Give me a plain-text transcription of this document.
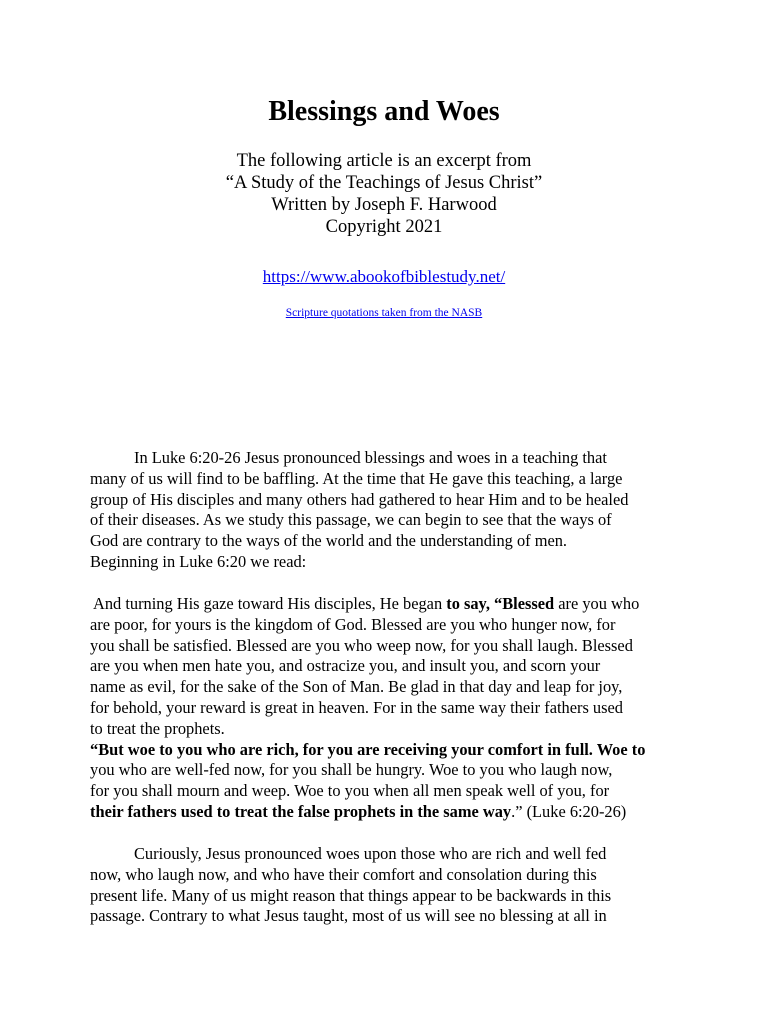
Blessings and Woes
The following article is an excerpt from
“A Study of the Teachings of Jesus Christ”
Written by Joseph F. Harwood
Copyright 2021
https://www.abookofbiblestudy.net/
Scripture quotations taken from the NASB
In Luke 6:20-26 Jesus pronounced blessings and woes in a teaching that
many of us will find to be baffling. At the time that He gave this teaching, a large
group of His disciples and many others had gathered to hear Him and to be healed
of their diseases. As we study this passage, we can begin to see that the ways of
God are contrary to the ways of the world and the understanding of men.
Beginning in Luke 6:20 we read:
And turning His gaze toward His disciples, He began to say, “Blessed are you who
are poor, for yours is the kingdom of God. Blessed are you who hunger now, for
you shall be satisfied. Blessed are you who weep now, for you shall laugh. Blessed
are you when men hate you, and ostracize you, and insult you, and scorn your
name as evil, for the sake of the Son of Man. Be glad in that day and leap for joy,
for behold, your reward is great in heaven. For in the same way their fathers used
to treat the prophets.
“But woe to you who are rich, for you are receiving your comfort in full. Woe to
you who are well-fed now, for you shall be hungry. Woe to you who laugh now,
for you shall mourn and weep. Woe to you when all men speak well of you, for
their fathers used to treat the false prophets in the same way.” (Luke 6:20-26)
Curiously, Jesus pronounced woes upon those who are rich and well fed
now, who laugh now, and who have their comfort and consolation during this
present life. Many of us might reason that things appear to be backwards in this
passage. Contrary to what Jesus taught, most of us will see no blessing at all in
